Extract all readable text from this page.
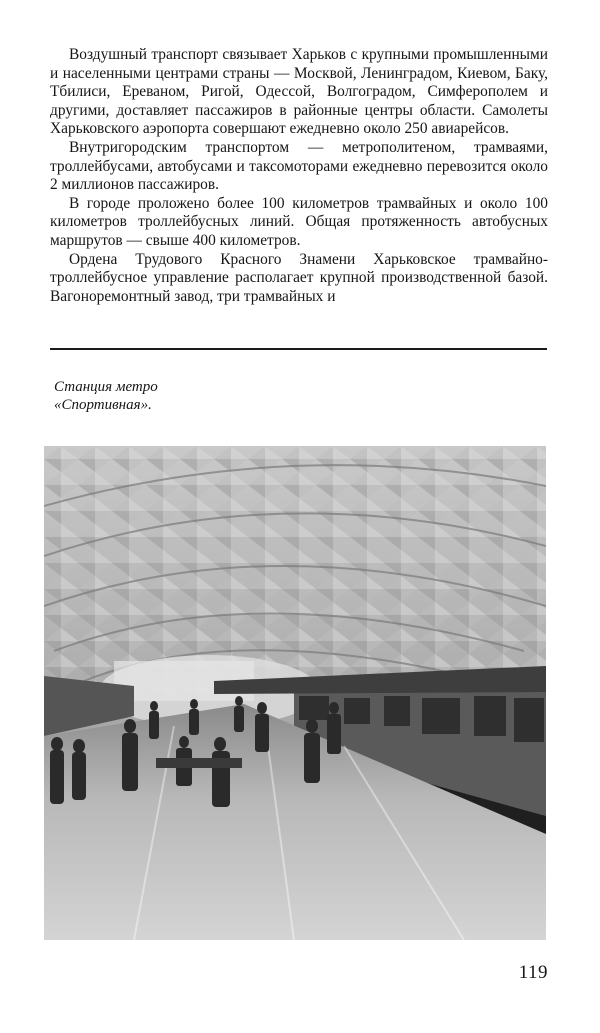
Воздушный транспорт связывает Харьков с крупными промышленными и населенными центрами страны — Москвой, Ленинградом, Киевом, Баку, Тбилиси, Ереваном, Ригой, Одессой, Волгоградом, Симферополем и другими, доставляет пассажиров в районные центры области. Самолеты Харьковского аэропорта совершают ежедневно около 250 авиарейсов.

Внутригородским транспортом — метрополитеном, трамваями, троллейбусами, автобусами и таксомоторами ежедневно перевозится около 2 миллионов пассажиров.

В городе проложено более 100 километров трамвайных и около 100 километров троллейбусных линий. Общая протяженность автобусных маршрутов — свыше 400 километров.

Ордена Трудового Красного Знамени Харьковское трамвайно-троллейбусное управление располагает крупной производственной базой. Вагоноремонтный завод, три трамвайных и

Станция метро
«Спортивная».
119
